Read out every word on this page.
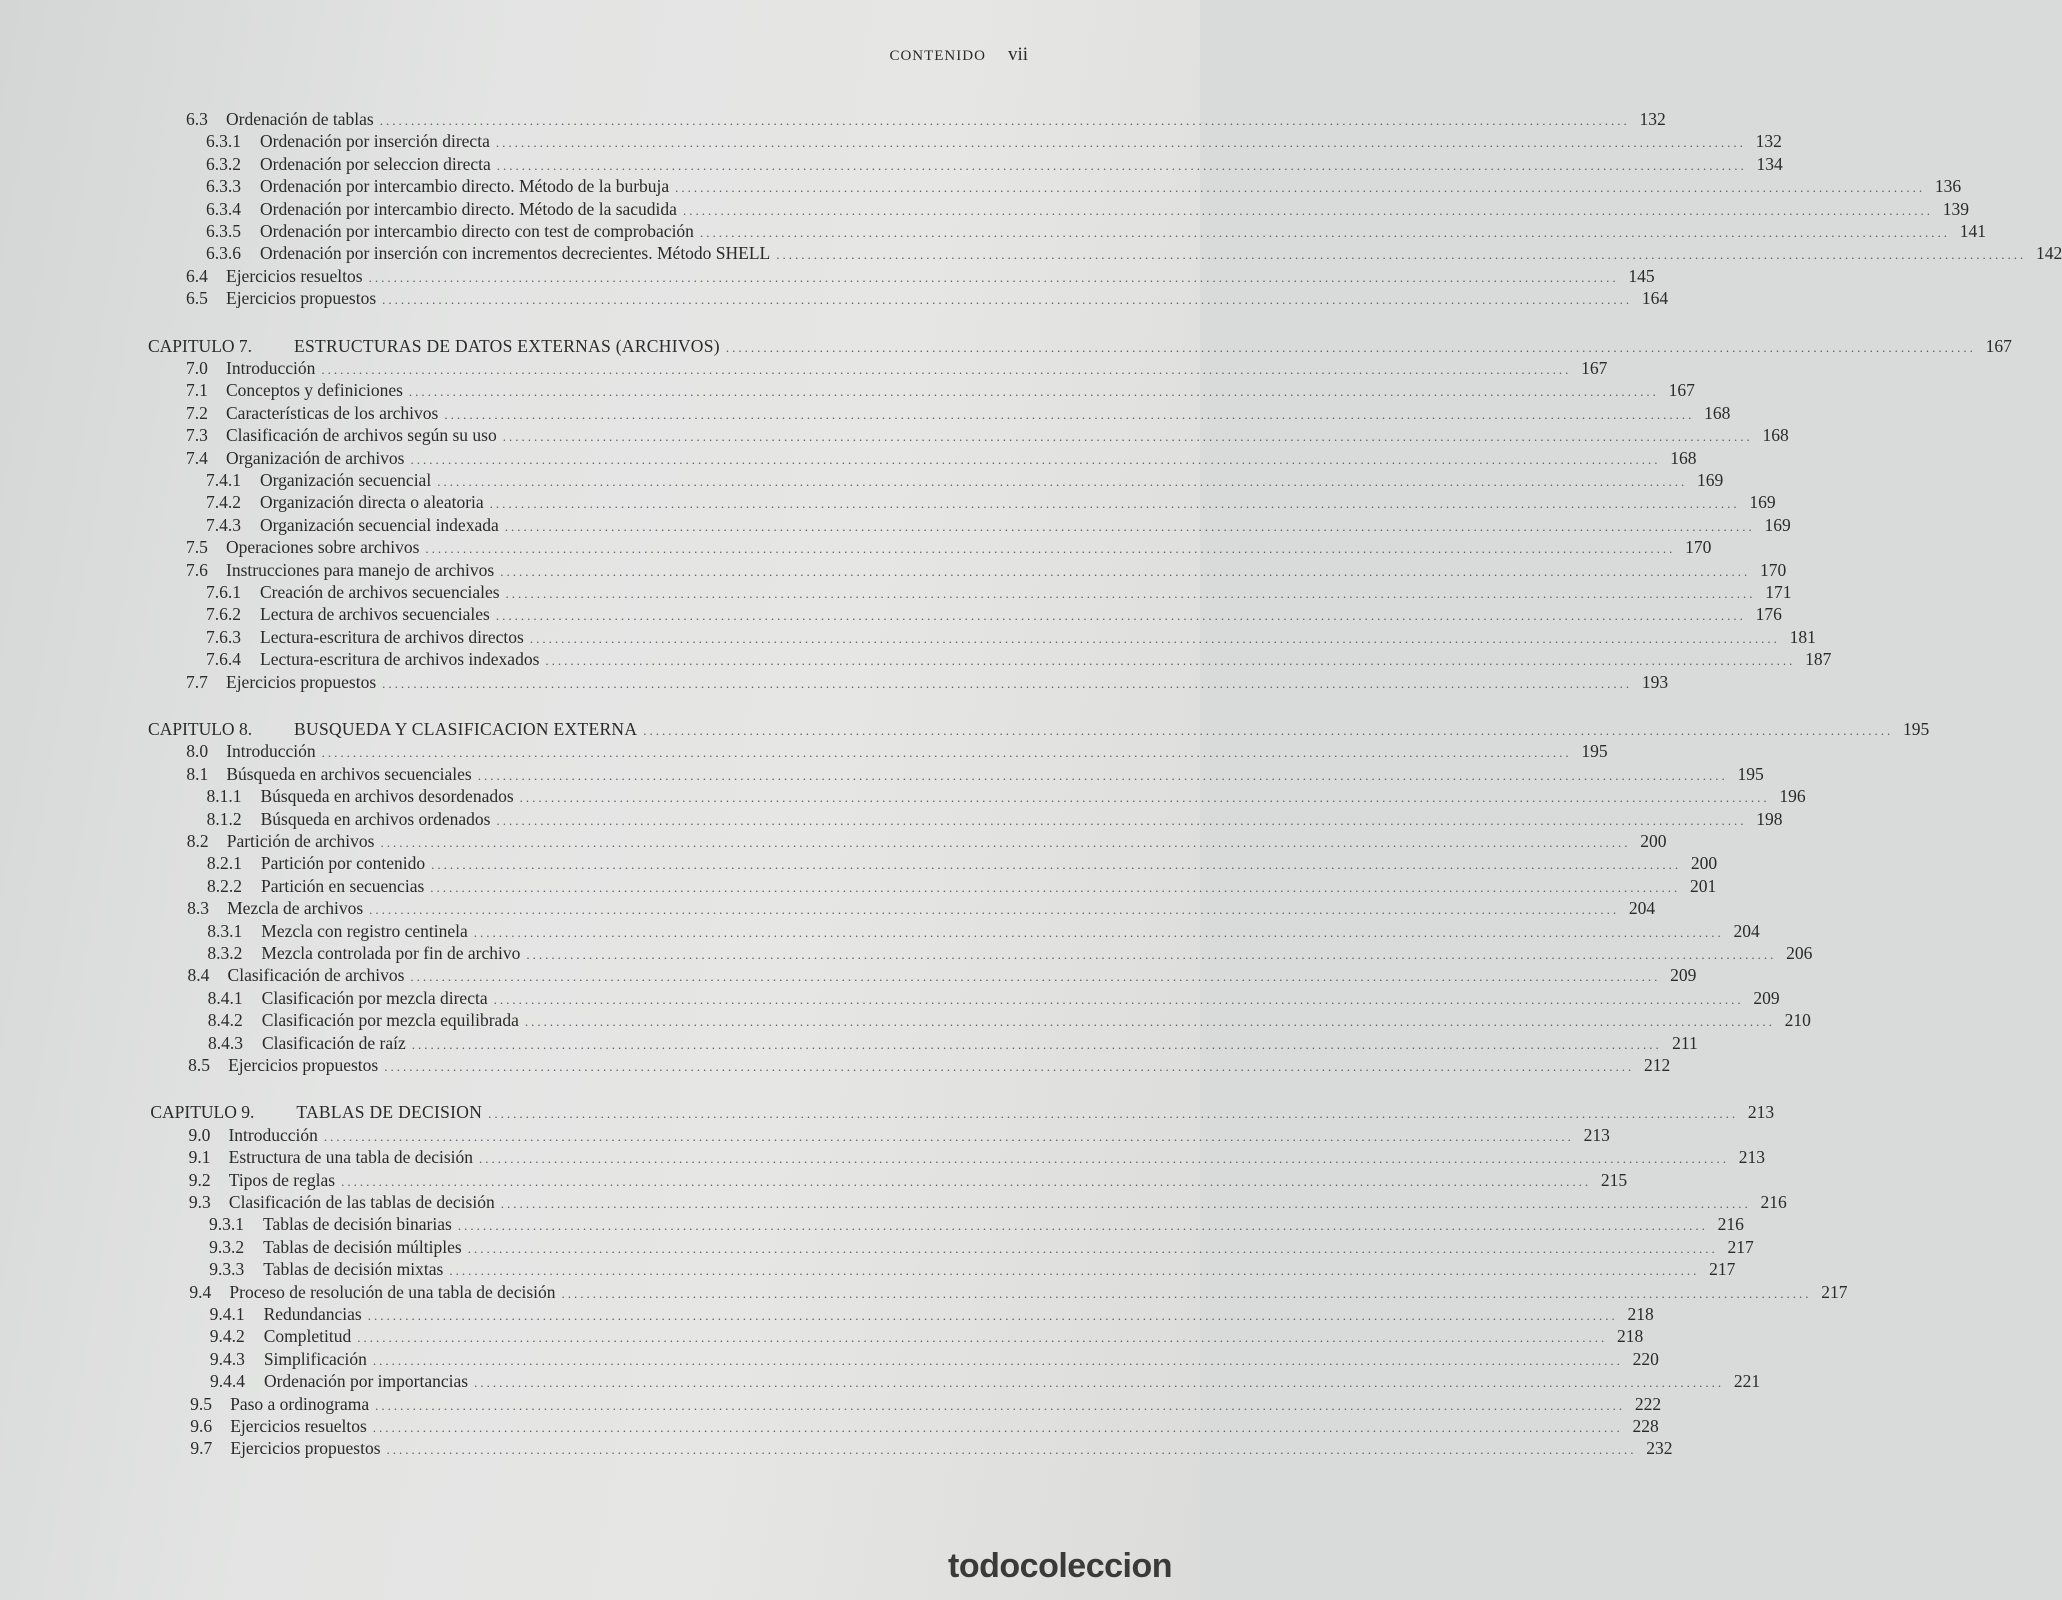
CONTENIDO vii
6.3	Ordenación de tablas ........................................................................................................................................................................................................ 132
6.3.1	Ordenación por inserción directa ........................................................................................................................................................................................................ 132
6.3.2	Ordenación por seleccion directa ........................................................................................................................................................................................................ 134
6.3.3	Ordenación por intercambio directo. Método de la burbuja ........................................................................................................................................................................................................ 136
6.3.4	Ordenación por intercambio directo. Método de la sacudida ........................................................................................................................................................................................................ 139
6.3.5	Ordenación por intercambio directo con test de comprobación ........................................................................................................................................................................................................ 141
6.3.6	Ordenación por inserción con incrementos decrecientes. Método SHELL ........................................................................................................................................................................................................ 142
6.4	Ejercicios resueltos ........................................................................................................................................................................................................ 145
6.5	Ejercicios propuestos ........................................................................................................................................................................................................ 164
CAPITULO 7.	ESTRUCTURAS DE DATOS EXTERNAS (ARCHIVOS) ........................................................................................................................................................................................................ 167
7.0	Introducción ........................................................................................................................................................................................................ 167
7.1	Conceptos y definiciones ........................................................................................................................................................................................................ 167
7.2	Características de los archivos ........................................................................................................................................................................................................ 168
7.3	Clasificación de archivos según su uso ........................................................................................................................................................................................................ 168
7.4	Organización de archivos ........................................................................................................................................................................................................ 168
7.4.1	Organización secuencial ........................................................................................................................................................................................................ 169
7.4.2	Organización directa o aleatoria ........................................................................................................................................................................................................ 169
7.4.3	Organización secuencial indexada ........................................................................................................................................................................................................ 169
7.5	Operaciones sobre archivos ........................................................................................................................................................................................................ 170
7.6	Instrucciones para manejo de archivos ........................................................................................................................................................................................................ 170
7.6.1	Creación de archivos secuenciales ........................................................................................................................................................................................................ 171
7.6.2	Lectura de archivos secuenciales ........................................................................................................................................................................................................ 176
7.6.3	Lectura-escritura de archivos directos ........................................................................................................................................................................................................ 181
7.6.4	Lectura-escritura de archivos indexados ........................................................................................................................................................................................................ 187
7.7	Ejercicios propuestos ........................................................................................................................................................................................................ 193
CAPITULO 8.	BUSQUEDA Y CLASIFICACION EXTERNA ........................................................................................................................................................................................................ 195
8.0	Introducción ........................................................................................................................................................................................................ 195
8.1	Búsqueda en archivos secuenciales ........................................................................................................................................................................................................ 195
8.1.1	Búsqueda en archivos desordenados ........................................................................................................................................................................................................ 196
8.1.2	Búsqueda en archivos ordenados ........................................................................................................................................................................................................ 198
8.2	Partición de archivos ........................................................................................................................................................................................................ 200
8.2.1	Partición por contenido ........................................................................................................................................................................................................ 200
8.2.2	Partición en secuencias ........................................................................................................................................................................................................ 201
8.3	Mezcla de archivos ........................................................................................................................................................................................................ 204
8.3.1	Mezcla con registro centinela ........................................................................................................................................................................................................ 204
8.3.2	Mezcla controlada por fin de archivo ........................................................................................................................................................................................................ 206
8.4	Clasificación de archivos ........................................................................................................................................................................................................ 209
8.4.1	Clasificación por mezcla directa ........................................................................................................................................................................................................ 209
8.4.2	Clasificación por mezcla equilibrada ........................................................................................................................................................................................................ 210
8.4.3	Clasificación de raíz ........................................................................................................................................................................................................ 211
8.5	Ejercicios propuestos ........................................................................................................................................................................................................ 212
CAPITULO 9.	TABLAS DE DECISION ........................................................................................................................................................................................................ 213
9.0	Introducción ........................................................................................................................................................................................................ 213
9.1	Estructura de una tabla de decisión ........................................................................................................................................................................................................ 213
9.2	Tipos de reglas ........................................................................................................................................................................................................ 215
9.3	Clasificación de las tablas de decisión ........................................................................................................................................................................................................ 216
9.3.1	Tablas de decisión binarias ........................................................................................................................................................................................................ 216
9.3.2	Tablas de decisión múltiples ........................................................................................................................................................................................................ 217
9.3.3	Tablas de decisión mixtas ........................................................................................................................................................................................................ 217
9.4	Proceso de resolución de una tabla de decisión ........................................................................................................................................................................................................ 217
9.4.1	Redundancias ........................................................................................................................................................................................................ 218
9.4.2	Completitud ........................................................................................................................................................................................................ 218
9.4.3	Simplificación ........................................................................................................................................................................................................ 220
9.4.4	Ordenación por importancias ........................................................................................................................................................................................................ 221
9.5	Paso a ordinograma ........................................................................................................................................................................................................ 222
9.6	Ejercicios resueltos ........................................................................................................................................................................................................ 228
9.7	Ejercicios propuestos ........................................................................................................................................................................................................ 232
todocoleccion
